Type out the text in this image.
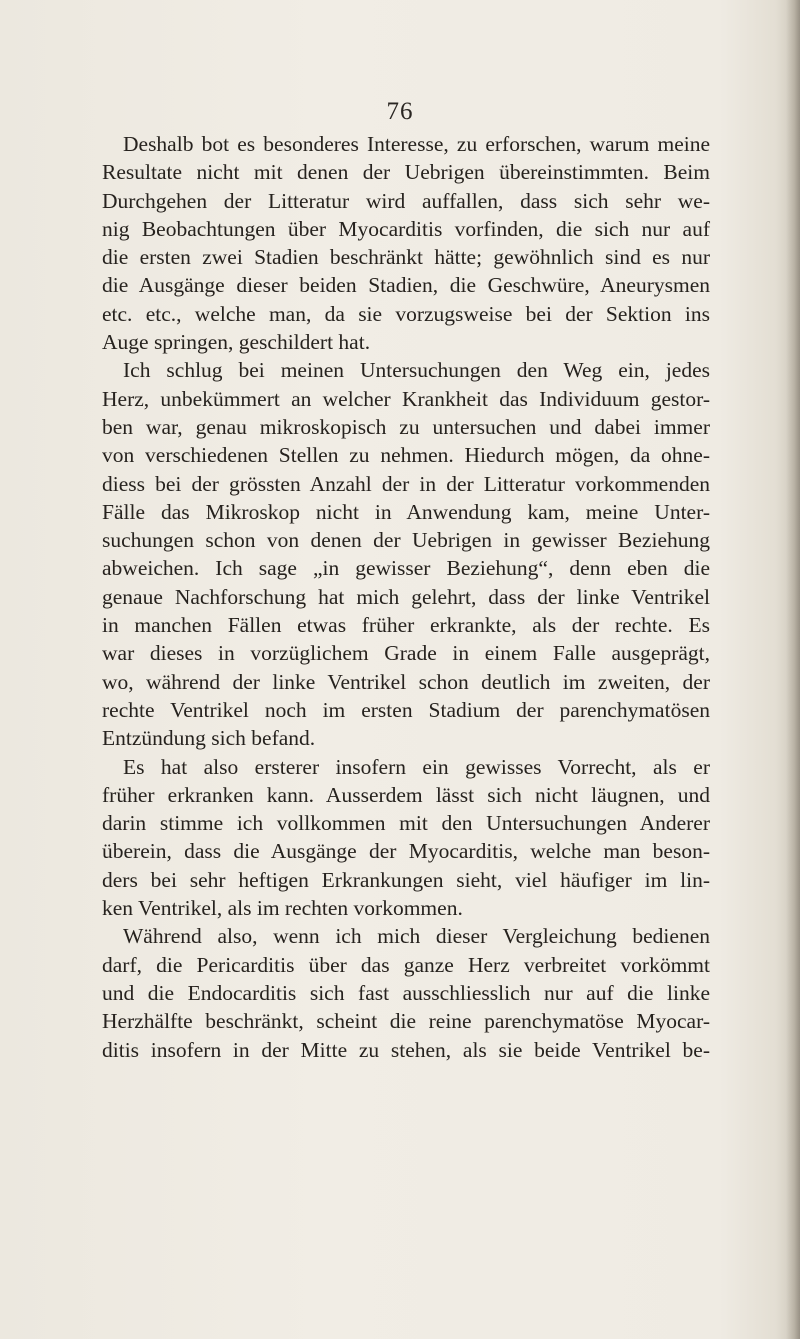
76
Deshalb bot es besonderes Interesse, zu erforschen, warum meine
Resultate nicht mit denen der Uebrigen übereinstimmten. Beim
Durchgehen der Litteratur wird auffallen, dass sich sehr we-
nig Beobachtungen über Myocarditis vorfinden, die sich nur auf
die ersten zwei Stadien beschränkt hätte; gewöhnlich sind es nur
die Ausgänge dieser beiden Stadien, die Geschwüre, Aneurysmen
etc. etc., welche man, da sie vorzugsweise bei der Sektion ins
Auge springen, geschildert hat.
Ich schlug bei meinen Untersuchungen den Weg ein, jedes
Herz, unbekümmert an welcher Krankheit das Individuum gestor-
ben war, genau mikroskopisch zu untersuchen und dabei immer
von verschiedenen Stellen zu nehmen. Hiedurch mögen, da ohne-
diess bei der grössten Anzahl der in der Litteratur vorkommenden
Fälle das Mikroskop nicht in Anwendung kam, meine Unter-
suchungen schon von denen der Uebrigen in gewisser Beziehung
abweichen. Ich sage „in gewisser Beziehung“, denn eben die
genaue Nachforschung hat mich gelehrt, dass der linke Ventrikel
in manchen Fällen etwas früher erkrankte, als der rechte. Es
war dieses in vorzüglichem Grade in einem Falle ausgeprägt,
wo, während der linke Ventrikel schon deutlich im zweiten, der
rechte Ventrikel noch im ersten Stadium der parenchymatösen
Entzündung sich befand.
Es hat also ersterer insofern ein gewisses Vorrecht, als er
früher erkranken kann. Ausserdem lässt sich nicht läugnen, und
darin stimme ich vollkommen mit den Untersuchungen Anderer
überein, dass die Ausgänge der Myocarditis, welche man beson-
ders bei sehr heftigen Erkrankungen sieht, viel häufiger im lin-
ken Ventrikel, als im rechten vorkommen.
Während also, wenn ich mich dieser Vergleichung bedienen
darf, die Pericarditis über das ganze Herz verbreitet vorkömmt
und die Endocarditis sich fast ausschliesslich nur auf die linke
Herzhälfte beschränkt, scheint die reine parenchymatöse Myocar-
ditis insofern in der Mitte zu stehen, als sie beide Ventrikel be-
